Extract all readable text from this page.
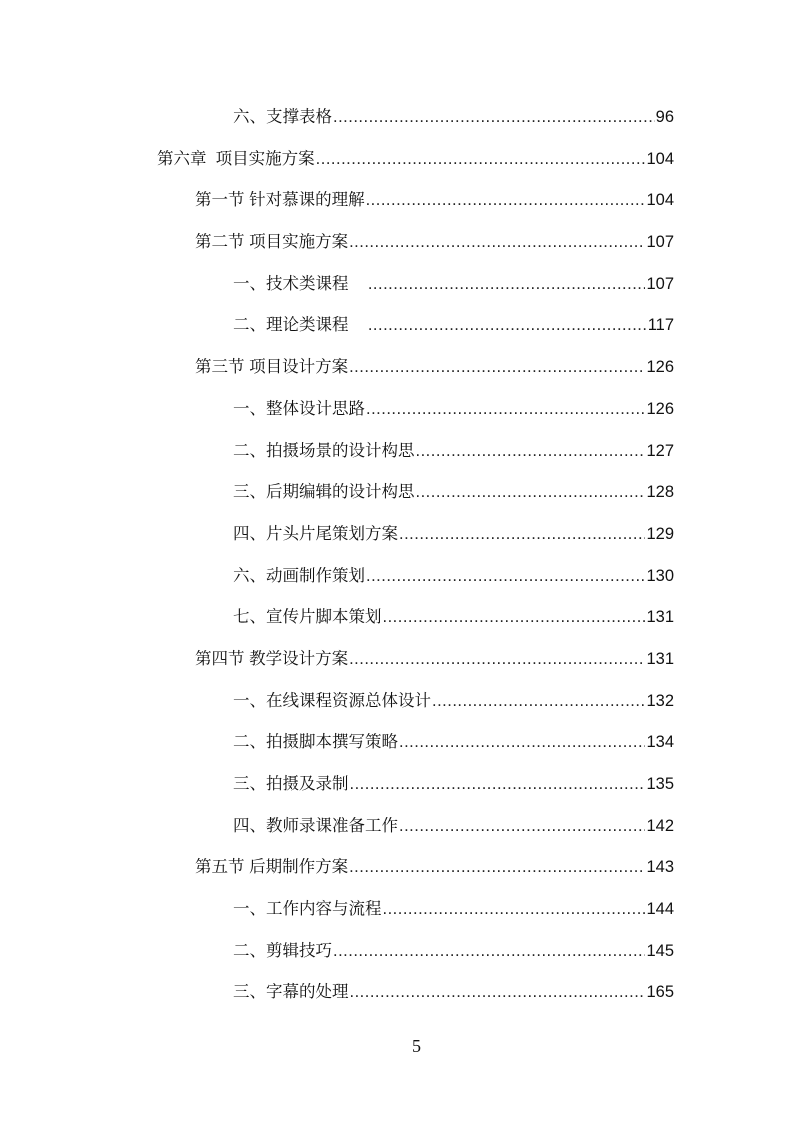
六、支撑表格 .....	96
第六章  项目实施方案 .....	104
第一节 针对慕课的理解 .....	104
第二节 项目实施方案 .....	107
一、技术类课程 .....	107
二、理论类课程 .....	117
第三节 项目设计方案 .....	126
一、整体设计思路 .....	126
二、拍摄场景的设计构思 .....	127
三、后期编辑的设计构思 .....	128
四、片头片尾策划方案 .....	129
六、动画制作策划 .....	130
七、宣传片脚本策划 .....	131
第四节 教学设计方案 .....	131
一、在线课程资源总体设计 .....	132
二、拍摄脚本撰写策略 .....	134
三、拍摄及录制 .....	135
四、教师录课准备工作 .....	142
第五节 后期制作方案 .....	143
一、工作内容与流程 .....	144
二、剪辑技巧 .....	145
三、字幕的处理 .....	165
5
